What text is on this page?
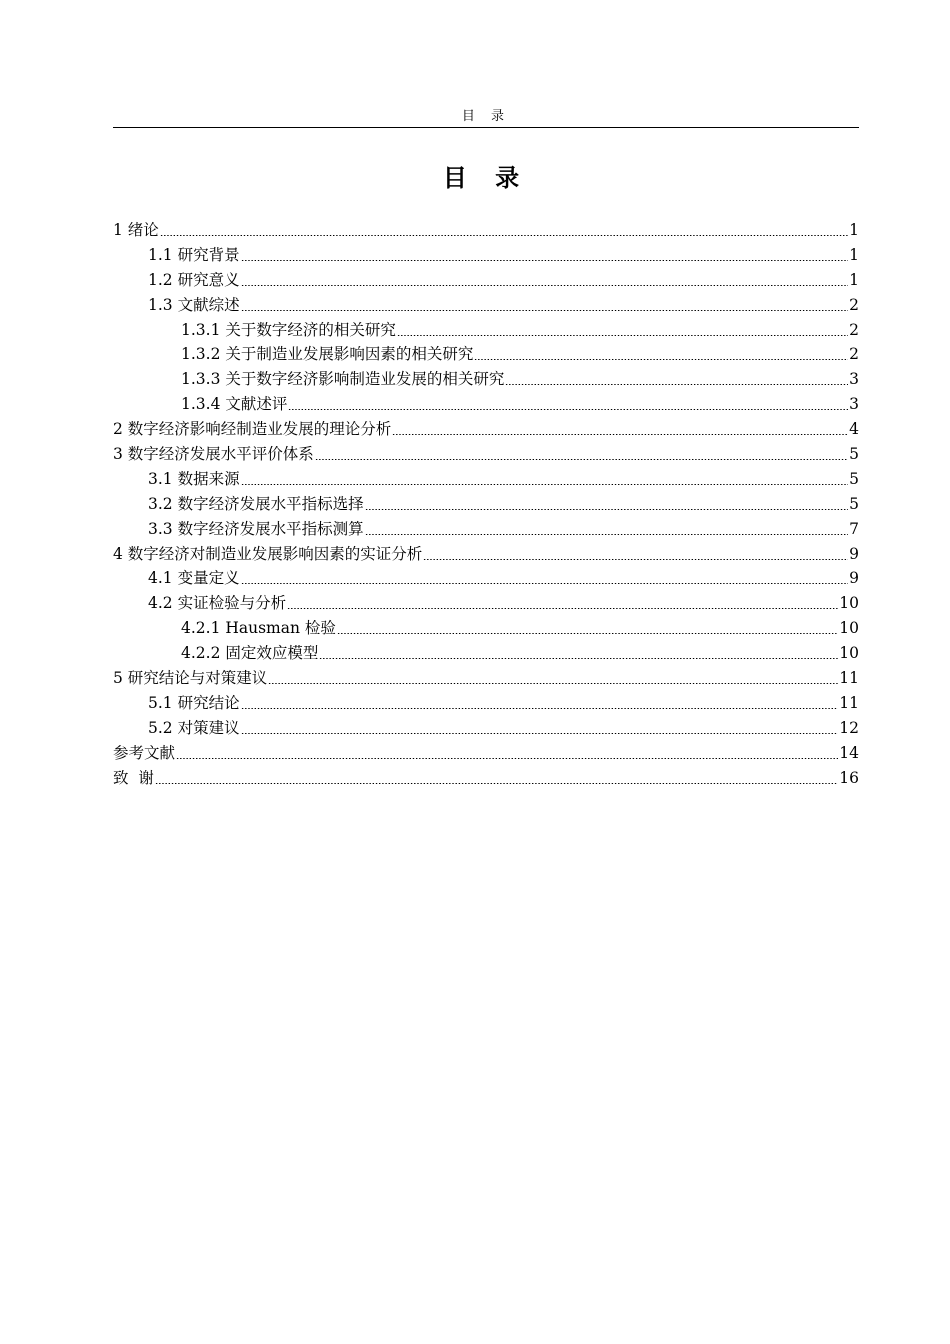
目 录
目 录
1 绪论	1
1.1 研究背景	1
1.2 研究意义	1
1.3 文献综述	2
1.3.1 关于数字经济的相关研究	2
1.3.2 关于制造业发展影响因素的相关研究	2
1.3.3 关于数字经济影响制造业发展的相关研究	3
1.3.4 文献述评	3
2 数字经济影响经制造业发展的理论分析	4
3 数字经济发展水平评价体系	5
3.1 数据来源	5
3.2 数字经济发展水平指标选择	5
3.3 数字经济发展水平指标测算	7
4 数字经济对制造业发展影响因素的实证分析	9
4.1 变量定义	9
4.2 实证检验与分析	10
4.2.1 Hausman 检验	10
4.2.2 固定效应模型	10
5 研究结论与对策建议	11
5.1 研究结论	11
5.2 对策建议	12
参考文献	14
致  谢	16
